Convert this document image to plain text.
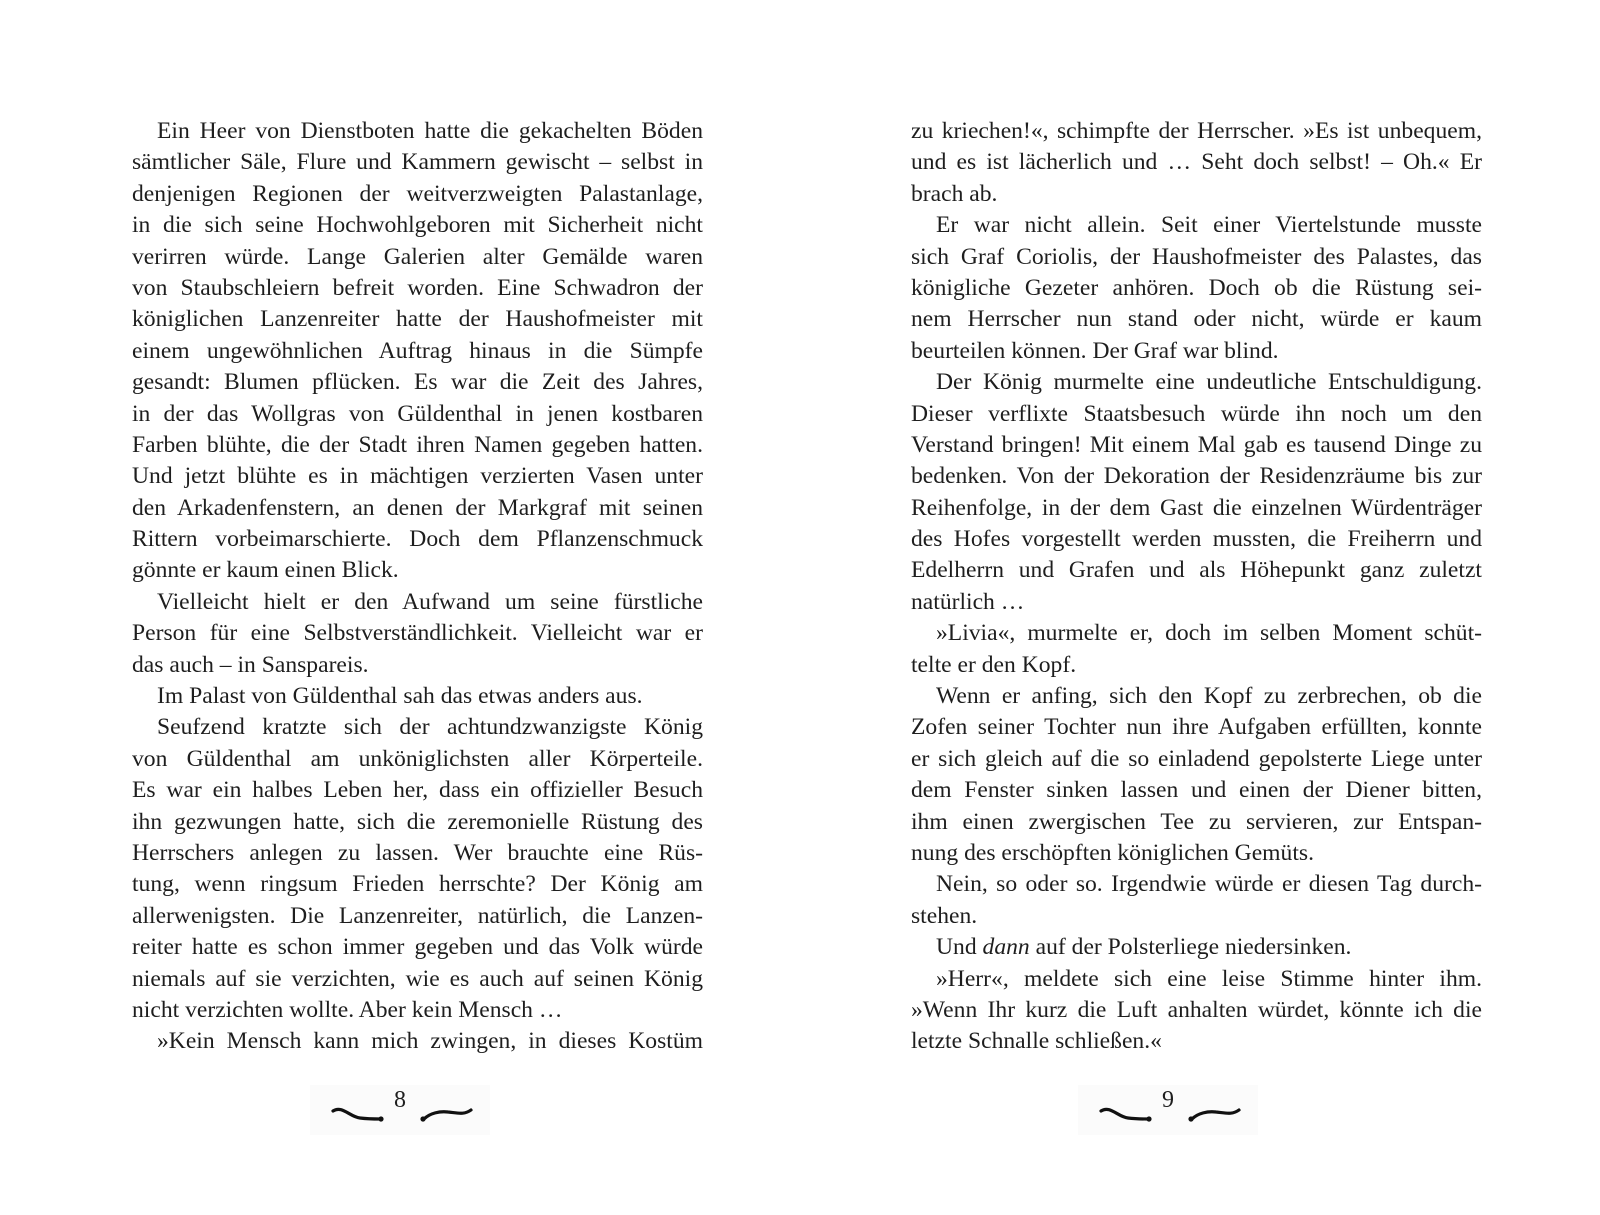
Ein Heer von Dienstboten hatte die gekachelten Böden
sämtlicher Säle, Flure und Kammern gewischt – selbst in
denjenigen Regionen der weitverzweigten Palastanlage,
in die sich seine Hochwohlgeboren mit Sicherheit nicht
verirren würde. Lange Galerien alter Gemälde waren
von Staubschleiern befreit worden. Eine Schwadron der
königlichen Lanzenreiter hatte der Haushofmeister mit
einem ungewöhnlichen Auftrag hinaus in die Sümpfe
gesandt: Blumen pflücken. Es war die Zeit des Jahres,
in der das Wollgras von Güldenthal in jenen kostbaren
Farben blühte, die der Stadt ihren Namen gegeben hatten.
Und jetzt blühte es in mächtigen verzierten Vasen unter
den Arkadenfenstern, an denen der Markgraf mit seinen
Rittern vorbeimarschierte. Doch dem Pflanzenschmuck
gönnte er kaum einen Blick.
Vielleicht hielt er den Aufwand um seine fürstliche
Person für eine Selbstverständlichkeit. Vielleicht war er
das auch – in Sanspareis.
Im Palast von Güldenthal sah das etwas anders aus.
Seufzend kratzte sich der achtundzwanzigste König
von Güldenthal am unköniglichsten aller Körperteile.
Es war ein halbes Leben her, dass ein offizieller Besuch
ihn gezwungen hatte, sich die zeremonielle Rüstung des
Herrschers anlegen zu lassen. Wer brauchte eine Rüs-
tung, wenn ringsum Frieden herrschte? Der König am
allerwenigsten. Die Lanzenreiter, natürlich, die Lanzen-
reiter hatte es schon immer gegeben und das Volk würde
niemals auf sie verzichten, wie es auch auf seinen König
nicht verzichten wollte. Aber kein Mensch …
»Kein Mensch kann mich zwingen, in dieses Kostüm
8
zu kriechen!«, schimpfte der Herrscher. »Es ist unbequem,
und es ist lächerlich und … Seht doch selbst! – Oh.« Er
brach ab.
Er war nicht allein. Seit einer Viertelstunde musste
sich Graf Coriolis, der Haushofmeister des Palastes, das
königliche Gezeter anhören. Doch ob die Rüstung sei-
nem Herrscher nun stand oder nicht, würde er kaum
beurteilen können. Der Graf war blind.
Der König murmelte eine undeutliche Entschuldigung.
Dieser verflixte Staatsbesuch würde ihn noch um den
Verstand bringen! Mit einem Mal gab es tausend Dinge zu
bedenken. Von der Dekoration der Residenzräume bis zur
Reihenfolge, in der dem Gast die einzelnen Würdenträger
des Hofes vorgestellt werden mussten, die Freiherrn und
Edelherrn und Grafen und als Höhepunkt ganz zuletzt
natürlich …
»Livia«, murmelte er, doch im selben Moment schüt-
telte er den Kopf.
Wenn er anfing, sich den Kopf zu zerbrechen, ob die
Zofen seiner Tochter nun ihre Aufgaben erfüllten, konnte
er sich gleich auf die so einladend gepolsterte Liege unter
dem Fenster sinken lassen und einen der Diener bitten,
ihm einen zwergischen Tee zu servieren, zur Entspan-
nung des erschöpften königlichen Gemüts.
Nein, so oder so. Irgendwie würde er diesen Tag durch-
stehen.
Und dann auf der Polsterliege niedersinken.
»Herr«, meldete sich eine leise Stimme hinter ihm.
»Wenn Ihr kurz die Luft anhalten würdet, könnte ich die
letzte Schnalle schließen.«
9
